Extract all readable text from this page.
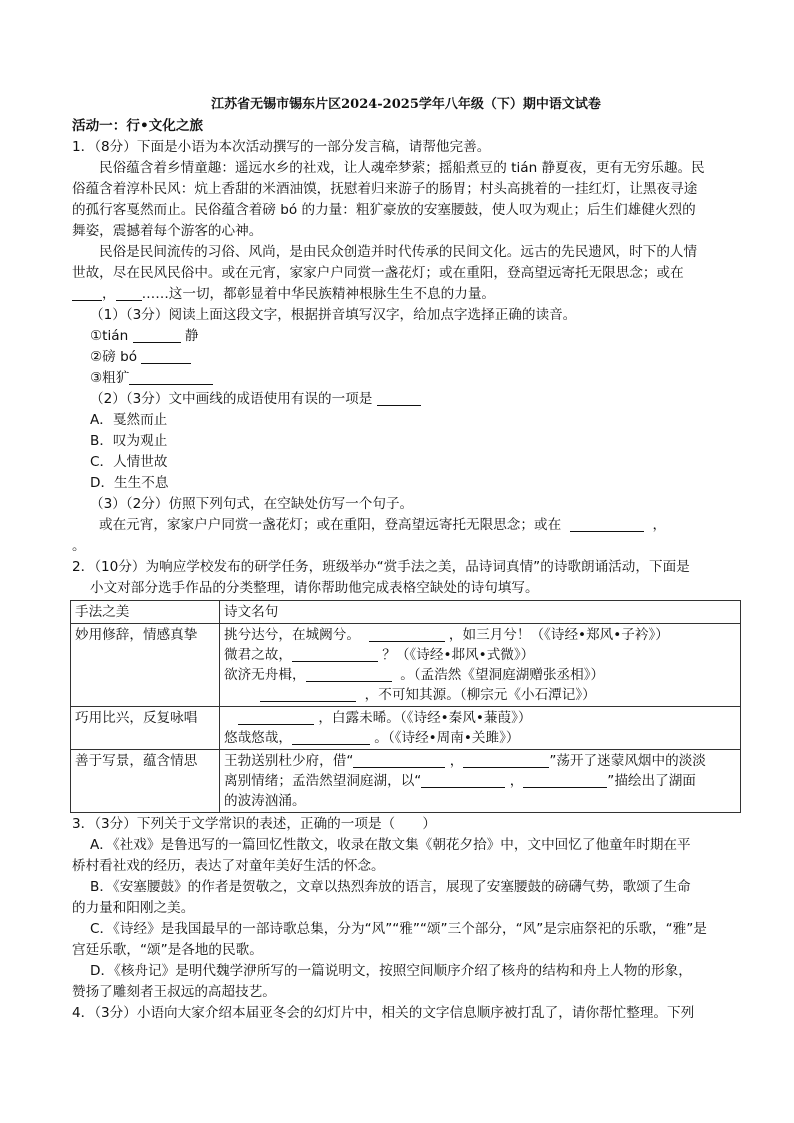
江苏省无锡市锡东片区2024-2025学年八年级（下）期中语文试卷
活动一：行•文化之旅
1．（8分）下面是小语为本次活动撰写的一部分发言稿，请帮他完善。
民俗蕴含着乡情童趣：遥远水乡的社戏，让人魂牵梦萦；摇船煮豆的 tián 静夏夜，更有无穷乐趣。民
俗蕴含着淳朴民风：炕上香甜的米酒油馍，抚慰着归来游子的肠胃；村头高挑着的一挂红灯，让黑夜寻途
的孤行客戛然而止。民俗蕴含着磅 bó 的力量：粗犷豪放的安塞腰鼓，使人叹为观止；后生们雄健火烈的
舞姿，震撼着每个游客的心神。
民俗是民间流传的习俗、风尚，是由民众创造并时代传承的民间文化。远古的先民遗风，时下的人情
世故，尽在民风民俗中。或在元宵，家家户户同赏一盏花灯；或在重阳，登高望远寄托无限思念；或在
， ……这一切，都彰显着中华民族精神根脉生生不息的力量。
（1）（3分）阅读上面这段文字，根据拼音填写汉字，给加点字选择正确的读音。
①tián	静
②磅 bó
③粗犷
（2）（3分）文中画线的成语使用有误的一项是
A．戛然而止
B．叹为观止
C．人情世故
D．生生不息
（3）（2分）仿照下列句式，在空缺处仿写一个句子。
或在元宵，家家户户同赏一盏花灯；或在重阳，登高望远寄托无限思念；或在	，
。
2．（10分）为响应学校发布的研学任务，班级举办“赏手法之美，品诗词真情”的诗歌朗诵活动，下面是
小文对部分选手作品的分类整理，请你帮助他完成表格空缺处的诗句填写。
手法之美	诗文名句
妙用修辞，情感真挚	挑兮达兮，在城阙兮。 ，如三月兮！（《诗经•郑风•子衿》）
微君之故， ？（《诗经•邶风•式微》）
欲济无舟楫， 。（孟浩然《望洞庭湖赠张丞相》）
，不可知其源。（柳宗元《小石潭记》）

巧用比兴，反复咏唱	，白露未晞。（《诗经•秦风•蒹葭》）
悠哉悠哉， 。（《诗经•周南•关雎》）

善于写景，蕴含情思	王勃送别杜少府，借“ ， ”荡开了迷蒙风烟中的淡淡
离别情绪；孟浩然望洞庭湖，以“ ， ”描绘出了湖面
的波涛汹涌。
3．（3分）下列关于文学常识的表述，正确的一项是（　　）
A．《社戏》是鲁迅写的一篇回忆性散文，收录在散文集《朝花夕拾》中，文中回忆了他童年时期在平
桥村看社戏的经历，表达了对童年美好生活的怀念。
B．《安塞腰鼓》的作者是贺敬之，文章以热烈奔放的语言，展现了安塞腰鼓的磅礴气势，歌颂了生命
的力量和阳刚之美。
C．《诗经》是我国最早的一部诗歌总集，分为“风”“雅”“颂”三个部分，“风”是宗庙祭祀的乐歌，“雅”是
宫廷乐歌，“颂”是各地的民歌。
D．《核舟记》是明代魏学洢所写的一篇说明文，按照空间顺序介绍了核舟的结构和舟上人物的形象，
赞扬了雕刻者王叔远的高超技艺。
4．（3分）小语向大家介绍本届亚冬会的幻灯片中，相关的文字信息顺序被打乱了，请你帮忙整理。下列
